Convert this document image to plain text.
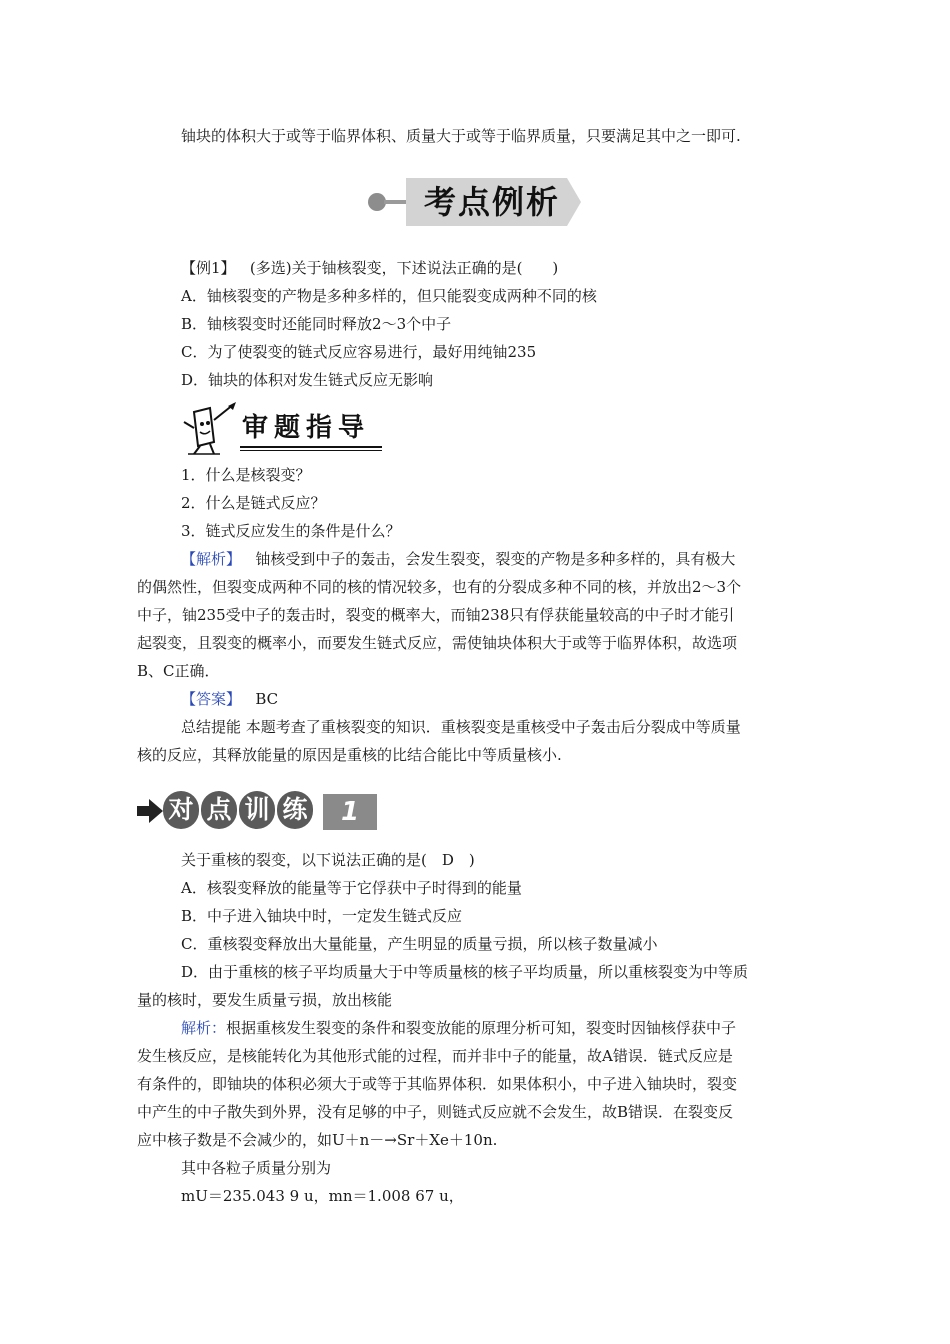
铀块的体积大于或等于临界体积、质量大于或等于临界质量，只要满足其中之一即可.
考点例析
【例1】 (多选)关于铀核裂变，下述说法正确的是(　　)
A．铀核裂变的产物是多种多样的，但只能裂变成两种不同的核
B．铀核裂变时还能同时释放2～3个中子
C．为了使裂变的链式反应容易进行，最好用纯铀235
D．铀块的体积对发生链式反应无影响
审题指导
1．什么是核裂变？
2．什么是链式反应？
3．链式反应发生的条件是什么？
【解析】 铀核受到中子的轰击，会发生裂变，裂变的产物是多种多样的，具有极大
的偶然性，但裂变成两种不同的核的情况较多，也有的分裂成多种不同的核，并放出2～3个
中子，铀235受中子的轰击时，裂变的概率大，而铀238只有俘获能量较高的中子时才能引
起裂变，且裂变的概率小，而要发生链式反应，需使铀块体积大于或等于临界体积，故选项
B、C正确．
【答案】 BC
总结提能 本题考查了重核裂变的知识．重核裂变是重核受中子轰击后分裂成中等质量
核的反应，其释放能量的原因是重核的比结合能比中等质量核小.
对 点 训 练	1
关于重核的裂变，以下说法正确的是(　D　)
A．核裂变释放的能量等于它俘获中子时得到的能量
B．中子进入铀块中时，一定发生链式反应
C．重核裂变释放出大量能量，产生明显的质量亏损，所以核子数量减小
D．由于重核的核子平均质量大于中等质量核的核子平均质量，所以重核裂变为中等质
量的核时，要发生质量亏损，放出核能
解析：根据重核发生裂变的条件和裂变放能的原理分析可知，裂变时因铀核俘获中子
发生核反应，是核能转化为其他形式能的过程，而并非中子的能量，故A错误．链式反应是
有条件的，即铀块的体积必须大于或等于其临界体积．如果体积小，中子进入铀块时，裂变
中产生的中子散失到外界，没有足够的中子，则链式反应就不会发生，故B错误．在裂变反
应中核子数是不会减少的，如U＋n－→Sr＋Xe＋10n.
其中各粒子质量分别为
mU＝235.043 9 u，mn＝1.008 67 u，
